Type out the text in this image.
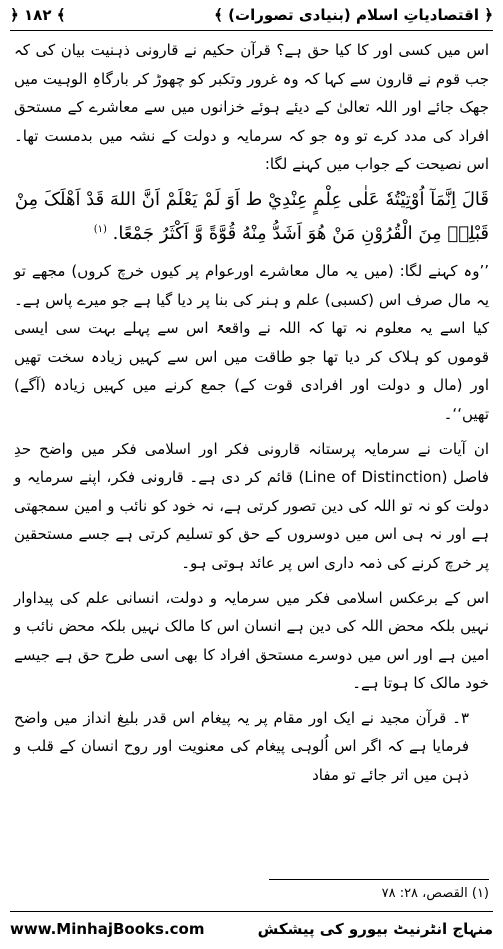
﴾ ۱۸۲ ﴿	﴿ اقتصادیاتِ اسلام (بنیادی تصورات) ﴾

اس میں کسی اور کا کیا حق ہے؟ قرآن حکیم نے قارونی ذہنیت بیان کی کہ جب قوم نے قارون سے کہا کہ وہ غرور وتکبر کو چھوڑ کر بارگاہِ الوہیت میں جھک جائے اور اللہ تعالیٰ کے دیئے ہوئے خزانوں میں سے معاشرے کے مستحق افراد کی مدد کرے تو وہ جو کہ سرمایہ و دولت کے نشہ میں بدمست تھا۔ اس نصیحت کے جواب میں کہنے لگا:

قَالَ اِنَّمَآ اُوْتِيْتُهٗ عَلٰی عِلْمٍ عِنْدِيْ ط اَوَ لَمْ يَعْلَمْ اَنَّ اللهَ قَدْ اَهْلَکَ مِنْ قَبْلِهٖ مِنَ الْقُرُوْنِ مَنْ هُوَ اَشَدُّ مِنْهُ قُوَّةً وَّ اَکْثَرُ جَمْعًا. $^{(۱)}$

’’وہ کہنے لگا: (میں یہ مال معاشرے اورعوام پر کیوں خرچ کروں) مجھے تو یہ مال صرف اس (کسبی) علم و ہنر کی بنا پر دیا گیا ہے جو میرے پاس ہے۔ کیا اسے یہ معلوم نہ تھا کہ اللہ نے واقعۃً اس سے پہلے بہت سی ایسی قوموں کو ہلاک کر دیا تھا جو طاقت میں اس سے کہیں زیادہ سخت تھیں اور (مال و دولت اور افرادی قوت کے) جمع کرنے میں کہیں زیادہ (آگے) تھیں‘‘۔

ان آیات نے سرمایہ پرستانہ قارونی فکر اور اسلامی فکر میں واضح حدِ فاصل (Line of Distinction) قائم کر دی ہے۔ قارونی فکر، اپنے سرمایہ و دولت کو نہ تو اللہ کی دین تصور کرتی ہے، نہ خود کو نائب و امین سمجھتی ہے اور نہ ہی اس میں دوسروں کے حق کو تسلیم کرتی ہے جسے مستحقین پر خرچ کرنے کی ذمہ داری اس پر عائد ہوتی ہو۔

اس کے برعکس اسلامی فکر میں سرمایہ و دولت، انسانی علم کی پیداوار نہیں بلکہ محض اللہ کی دین ہے انسان اس کا مالک نہیں بلکہ محض نائب و امین ہے اور اس میں دوسرے مستحق افراد کا بھی اسی طرح حق ہے جیسے خود مالک کا ہوتا ہے۔

۳۔ قرآن مجید نے ایک اور مقام پر یہ پیغام اس قدر بلیغ انداز میں واضح فرمایا ہے کہ اگر اس اُلوہی پیغام کی معنویت اور روح انسان کے قلب و ذہن میں اتر جائے تو مفاد

(۱) القصص، ۲۸: ۷۸
www.MinhajBooks.com	منہاج انٹرنیٹ بیورو کی پیشکش
